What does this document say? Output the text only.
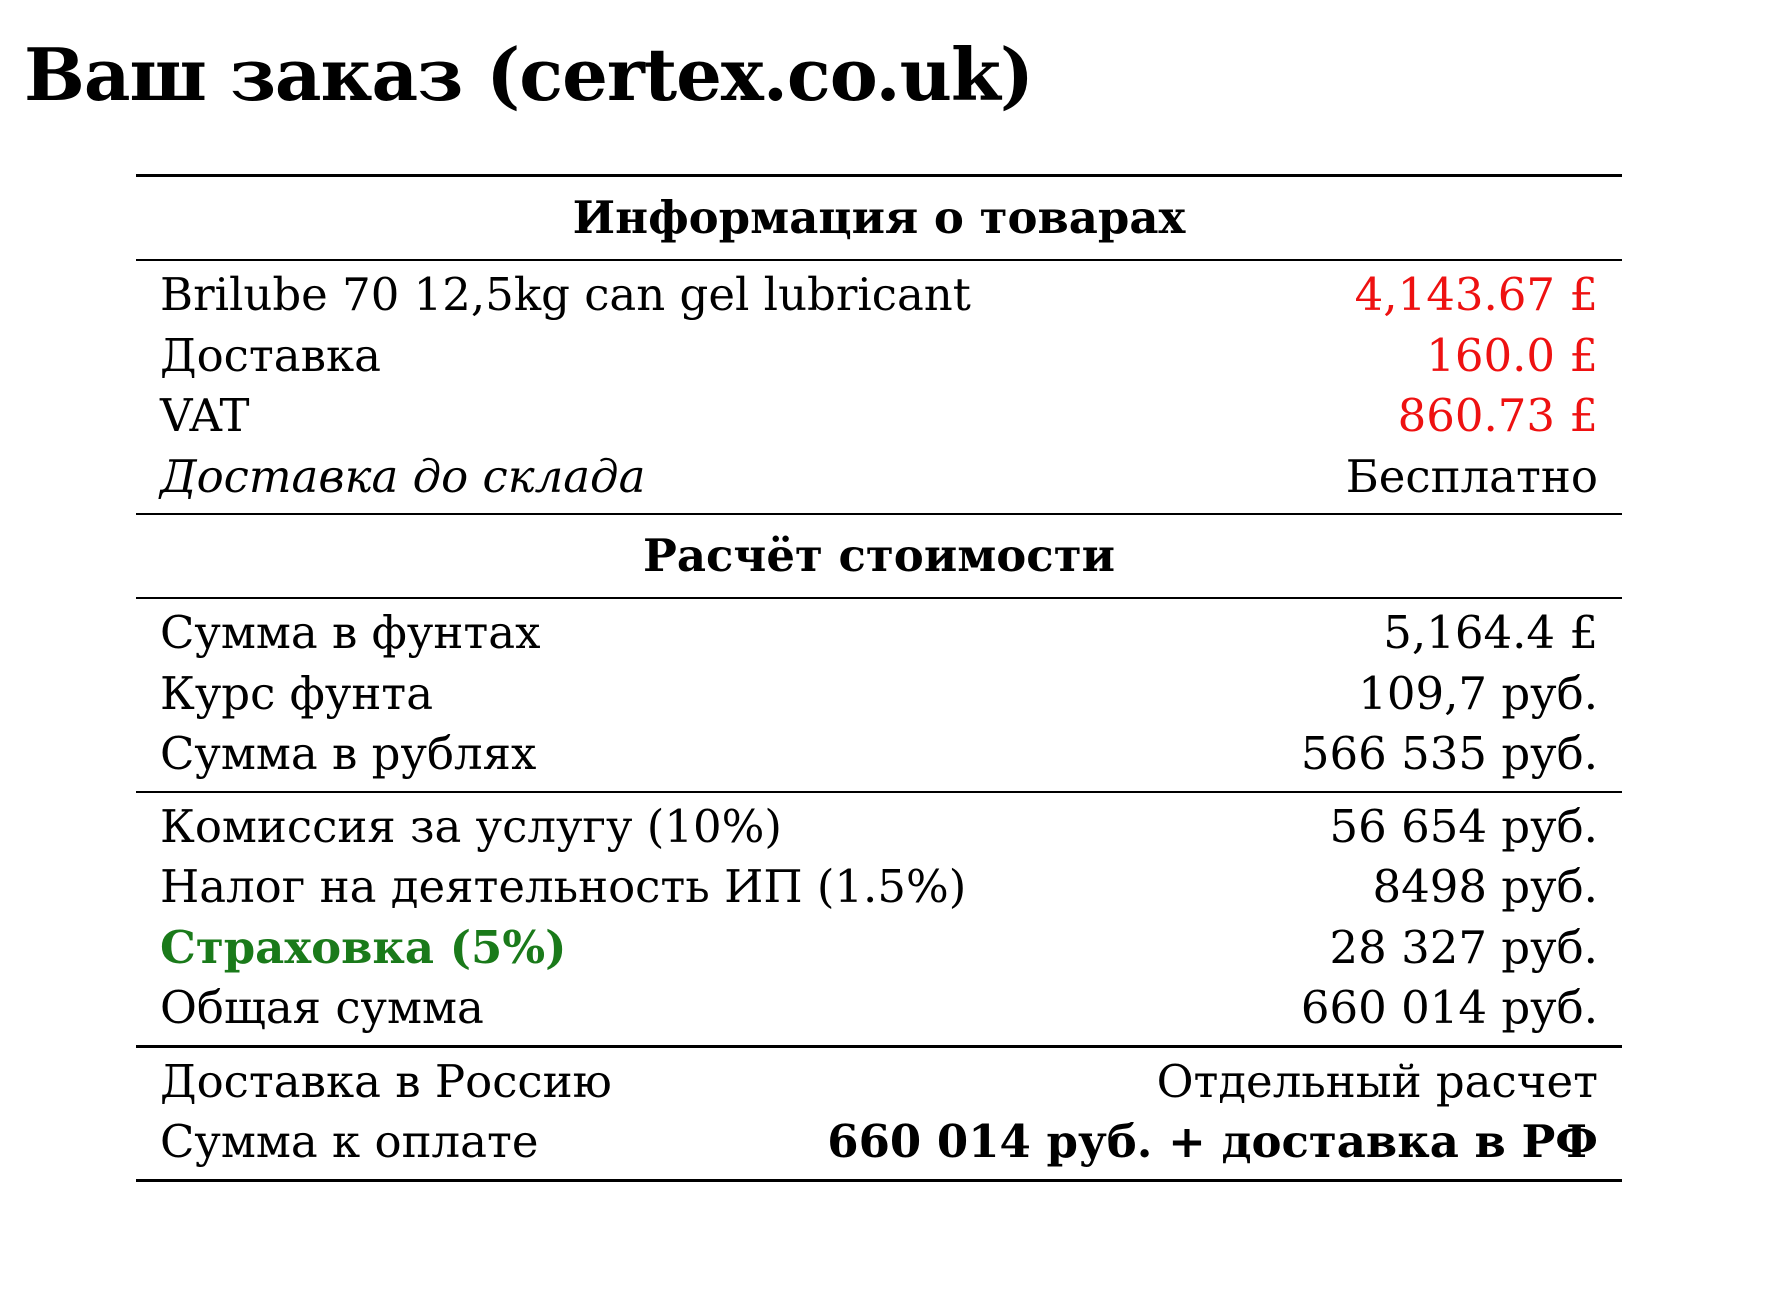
Ваш заказ (certex.co.uk)
Информация о товарах
Brilube 70 12,5kg can gel lubricant	4,143.67 £
Доставка	160.0 £
VAT	860.73 £
Доставка до склада	Бесплатно
Расчёт стоимости
Сумма в фунтах	5,164.4 £
Курс фунта	109,7 руб.
Сумма в рублях	566 535 руб.
Комиссия за услугу (10%)	56 654 руб.
Налог на деятельность ИП (1.5%)	8498 руб.
Страховка (5%)	28 327 руб.
Общая сумма	660 014 руб.
Доставка в Россию	Отдельный расчет
Сумма к оплате	660 014 руб. + доставка в РФ
